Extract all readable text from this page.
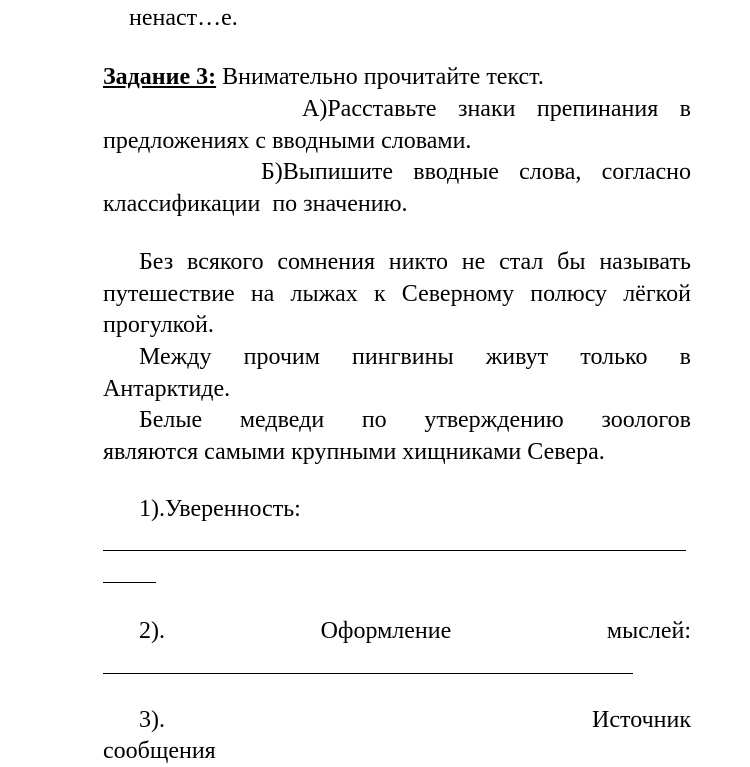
ненаст…е.
Задание 3: Внимательно прочитайте текст.
А)Расставьте знаки препинания в
предложениях с вводными словами.
Б)Выпишите вводные слова, согласно
классификации  по значению.
Без всякого сомнения никто не стал бы называть
путешествие на лыжах к Северному полюсу лёгкой
прогулкой.
Между прочим пингвины живут только в
Антарктиде.
Белые медведи по утверждению зоологов
являются самыми крупными хищниками Севера.
1).Уверенность:
2).	Оформление	мыслей:
3).	Источник
сообщения
